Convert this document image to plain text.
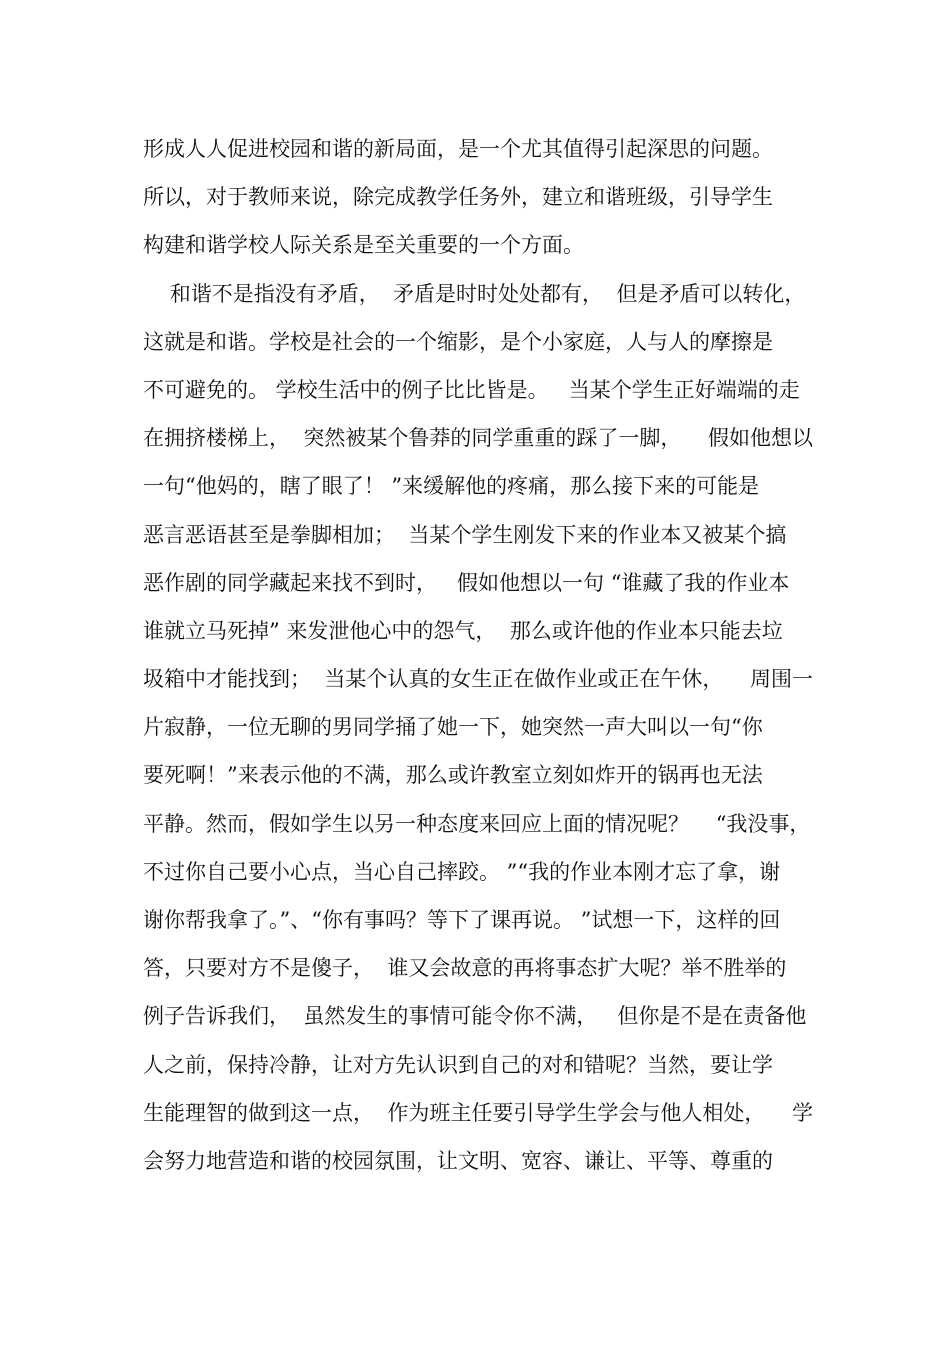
形成人人促进校园和谐的新局面，是一个尤其值得引起深思的问题。
所以，对于教师来说，除完成教学任务外，建立和谐班级，引导学生
构建和谐学校人际关系是至关重要的一个方面。
和谐不是指没有矛盾，  矛盾是时时处处都有，  但是矛盾可以转化，
这就是和谐。学校是社会的一个缩影，是个小家庭，人与人的摩擦是
不可避免的。 学校生活中的例子比比皆是。   当某个学生正好端端的走
在拥挤楼梯上，  突然被某个鲁莽的同学重重的踩了一脚，    假如他想以
一句“他妈的，瞎了眼了！ ”来缓解他的疼痛，那么接下来的可能是
恶言恶语甚至是拳脚相加；  当某个学生刚发下来的作业本又被某个搞
恶作剧的同学藏起来找不到时，   假如他想以一句 “谁藏了我的作业本
谁就立马死掉” 来发泄他心中的怨气，  那么或许他的作业本只能去垃
圾箱中才能找到；  当某个认真的女生正在做作业或正在午休，    周围一
片寂静，一位无聊的男同学捅了她一下，她突然一声大叫以一句“你
要死啊！”来表示他的不满，那么或许教室立刻如炸开的锅再也无法
平静。然而，假如学生以另一种态度来回应上面的情况呢？    “我没事，
不过你自己要小心点，当心自己摔跤。 ”“我的作业本刚才忘了拿，谢
谢你帮我拿了。”、“你有事吗？等下了课再说。 ”试想一下，这样的回
答，只要对方不是傻子，  谁又会故意的再将事态扩大呢？举不胜举的
例子告诉我们，  虽然发生的事情可能令你不满，   但你是不是在责备他
人之前，保持冷静，让对方先认识到自己的对和错呢？当然，要让学
生能理智的做到这一点，  作为班主任要引导学生学会与他人相处，    学
会努力地营造和谐的校园氛围，让文明、宽容、谦让、平等、尊重的
